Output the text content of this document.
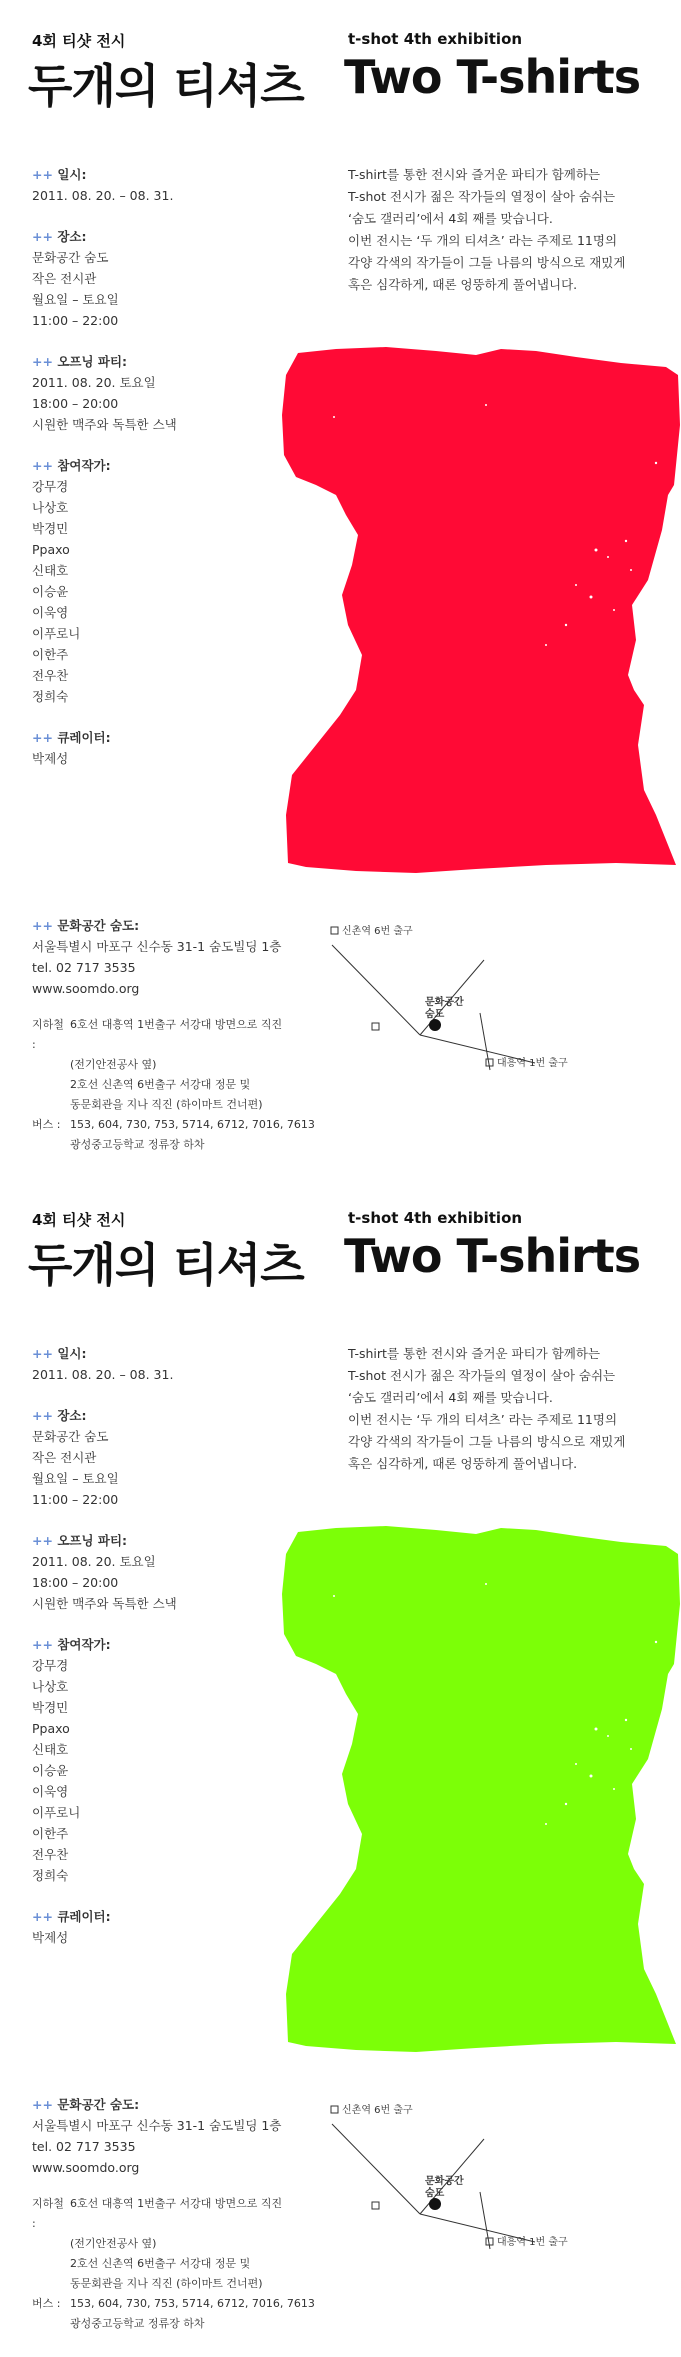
4회 티샷 전시
두개의 티셔츠
t-shot 4th exhibition
Two T-shirts
++ 일시:
2011. 08. 20. – 08. 31.
++ 장소:
문화공간 숨도
작은 전시관
월요일 – 토요일
11:00 – 22:00
++ 오프닝 파티:
2011. 08. 20. 토요일
18:00 – 20:00
시원한 맥주와 독특한 스낵
++ 참여작가:
강무경
나상호
박경민
Ppaxo
신태호
이승윤
이욱영
이푸로니
이한주
전우찬
정희숙
++ 큐레이터:
박제성
T-shirt를 통한 전시와 즐거운 파티가 함께하는
T-shot 전시가 젊은 작가들의 열정이 살아 숨쉬는
‘숨도 갤러리’에서 4회 째를 맞습니다.
이번 전시는 ‘두 개의 티셔츠’ 라는 주제로 11명의
각양 각색의 작가들이 그들 나름의 방식으로 재밌게
혹은 심각하게, 때론 엉뚱하게 풀어냅니다.
++ 문화공간 숨도:
서울특별시 마포구 신수동 31-1 숨도빌딩 1층
tel. 02 717 3535
www.soomdo.org
지하철 :
6호선 대흥역 1번출구 서강대 방면으로 직진
(전기안전공사 옆)
2호선 신촌역 6번출구 서강대 정문 및
동문회관을 지나 직진 (하이마트 건너편)
버스 : 153, 604, 730, 753, 5714, 6712, 7016, 7613
광성중고등학교 정류장 하차
신촌역 6번 출구
문화공간
숨도
대흥역 1번 출구
4회 티샷 전시
두개의 티셔츠
t-shot 4th exhibition
Two T-shirts
++ 일시:
2011. 08. 20. – 08. 31.
++ 장소:
문화공간 숨도
작은 전시관
월요일 – 토요일
11:00 – 22:00
++ 오프닝 파티:
2011. 08. 20. 토요일
18:00 – 20:00
시원한 맥주와 독특한 스낵
++ 참여작가:
강무경
나상호
박경민
Ppaxo
신태호
이승윤
이욱영
이푸로니
이한주
전우찬
정희숙
++ 큐레이터:
박제성
T-shirt를 통한 전시와 즐거운 파티가 함께하는
T-shot 전시가 젊은 작가들의 열정이 살아 숨쉬는
‘숨도 갤러리’에서 4회 째를 맞습니다.
이번 전시는 ‘두 개의 티셔츠’ 라는 주제로 11명의
각양 각색의 작가들이 그들 나름의 방식으로 재밌게
혹은 심각하게, 때론 엉뚱하게 풀어냅니다.
++ 문화공간 숨도:
서울특별시 마포구 신수동 31-1 숨도빌딩 1층
tel. 02 717 3535
www.soomdo.org
지하철 :
6호선 대흥역 1번출구 서강대 방면으로 직진
(전기안전공사 옆)
2호선 신촌역 6번출구 서강대 정문 및
동문회관을 지나 직진 (하이마트 건너편)
버스 : 153, 604, 730, 753, 5714, 6712, 7016, 7613
광성중고등학교 정류장 하차
신촌역 6번 출구
문화공간
숨도
대흥역 1번 출구
